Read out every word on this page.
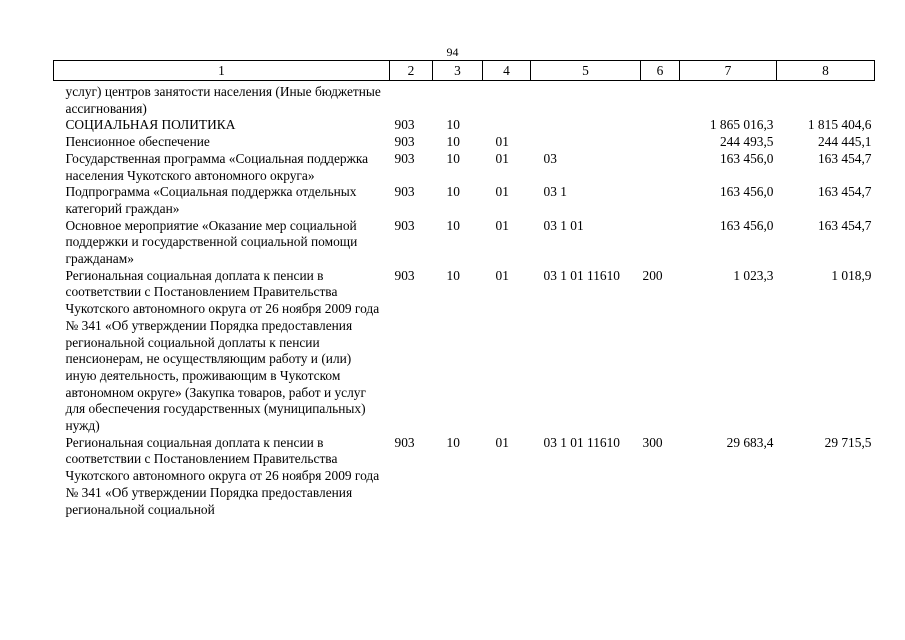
94
1	2	3	4	5	6	7	8
услуг) центров занятости населения (Иные бюджетные ассигнования)							
СОЦИАЛЬНАЯ ПОЛИТИКА	903	10				1 865 016,3	1 815 404,6
Пенсионное обеспечение	903	10	01			244 493,5	244 445,1
Государственная программа «Социальная поддержка населения Чукотского автономного округа»	903	10	01	03		163 456,0	163 454,7
Подпрограмма «Социальная поддержка отдельных категорий граждан»	903	10	01	03 1		163 456,0	163 454,7
Основное мероприятие «Оказание мер социальной поддержки и государственной социальной помощи гражданам»	903	10	01	03 1 01		163 456,0	163 454,7
Региональная социальная доплата к пенсии в соответствии с Постановлением Правительства Чукотского автономного округа от 26 ноября 2009 года № 341 «Об утверждении Порядка предоставления региональной социальной доплаты к пенсии пенсионерам, не осуществляющим работу и (или) иную деятельность, проживающим в Чукотском автономном округе» (Закупка товаров, работ и услуг для обеспечения государственных (муниципальных) нужд)	903	10	01	03 1 01 11610	200	1 023,3	1 018,9
Региональная социальная доплата к пенсии в соответствии с Постановлением Правительства Чукотского автономного округа от 26 ноября 2009 года № 341 «Об утверждении Порядка предоставления региональной социальной	903	10	01	03 1 01 11610	300	29 683,4	29 715,5
